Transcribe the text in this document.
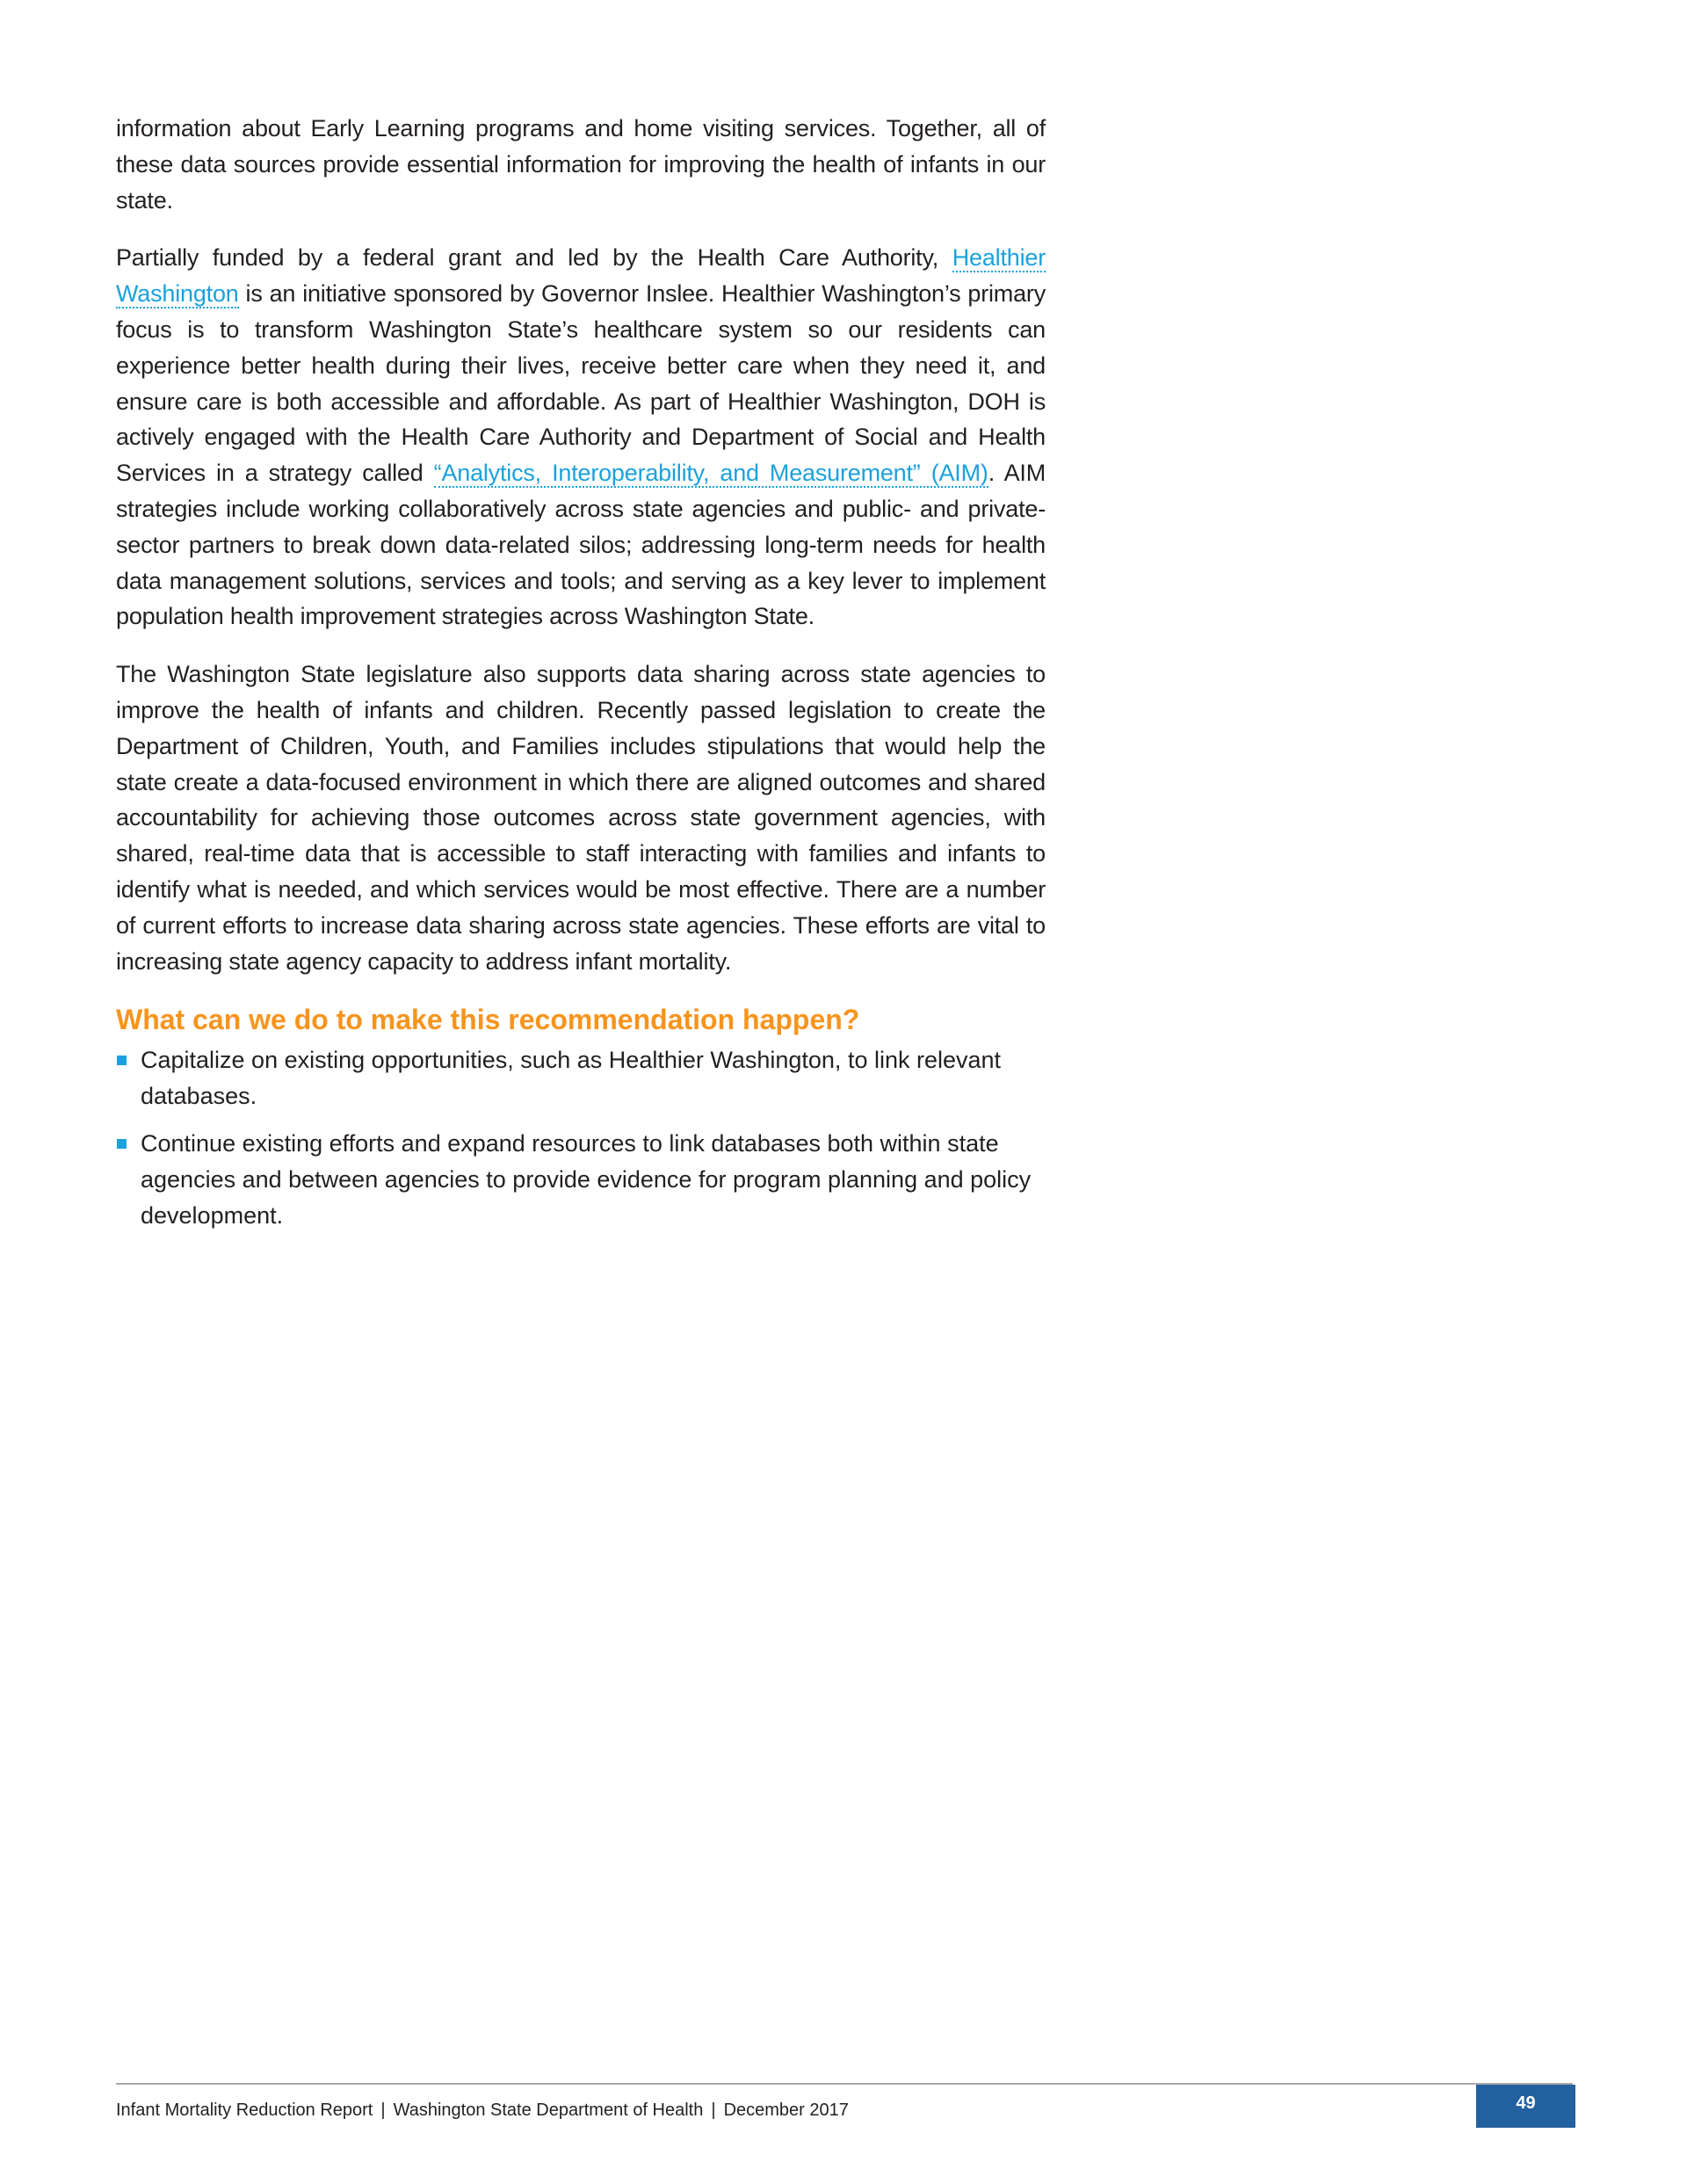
information about Early Learning programs and home visiting services. Together, all of these data sources provide essential information for improving the health of infants in our state.

Partially funded by a federal grant and led by the Health Care Authority, Healthier Washington is an initiative sponsored by Governor Inslee. Healthier Washington’s primary focus is to transform Washington State’s healthcare system so our residents can experience better health during their lives, receive better care when they need it, and ensure care is both accessible and affordable. As part of Healthier Washington, DOH is actively engaged with the Health Care Authority and Department of Social and Health Services in a strategy called “Analytics, Interoperability, and Measurement” (AIM). AIM strategies include working collaboratively across state agencies and public- and private-sector partners to break down data-related silos; addressing long-term needs for health data management solutions, services and tools; and serving as a key lever to implement population health improvement strategies across Washington State.

The Washington State legislature also supports data sharing across state agencies to improve the health of infants and children. Recently passed legislation to create the Department of Children, Youth, and Families includes stipulations that would help the state create a data-focused environment in which there are aligned outcomes and shared accountability for achieving those outcomes across state government agencies, with shared, real-time data that is accessible to staff interacting with families and infants to identify what is needed, and which services would be most effective. There are a number of current efforts to increase data sharing across state agencies. These efforts are vital to increasing state agency capacity to address infant mortality.

What can we do to make this recommendation happen?
Capitalize on existing opportunities, such as Healthier Washington, to link relevant databases.
Continue existing efforts and expand resources to link databases both within state agencies and between agencies to provide evidence for program planning and policy development.
Infant Mortality Reduction Report | Washington State Department of Health | December 2017	49
